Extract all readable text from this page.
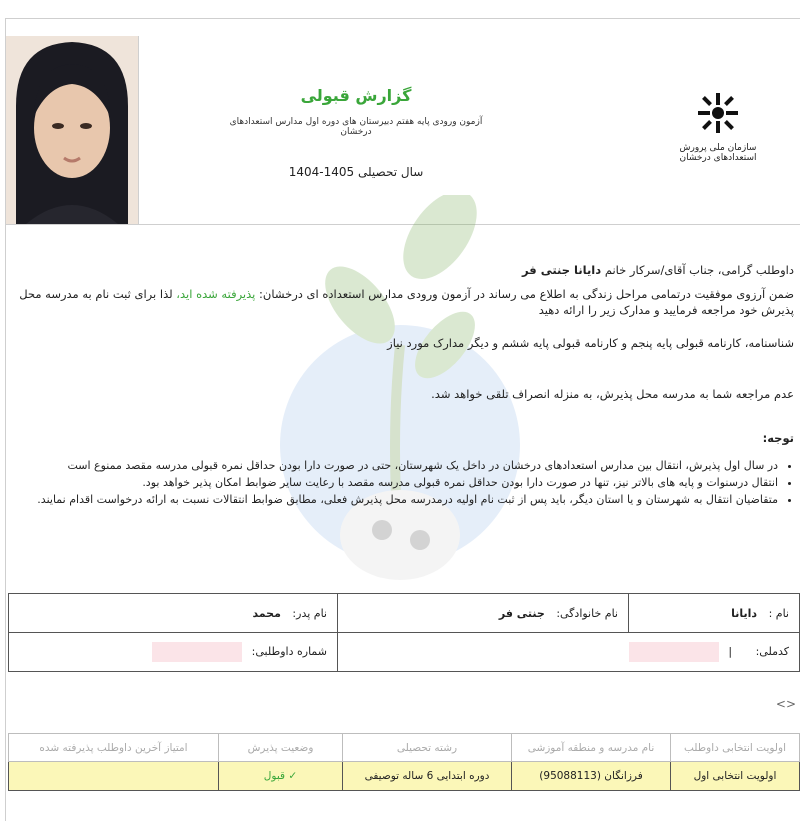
گزارش قبولی
آزمون ورودی پایه هفتم دبیرستان های دوره اول مدارس استعدادهای درخشان
سال تحصیلی 1405-1404
سازمان ملی پرورش استعدادهای درخشان
داوطلب گرامی، جناب آقای/سرکار خانم دایانا جنتی فر
ضمن آرزوی موفقیت درتمامی مراحل زندگی به اطلاع می رساند در آزمون ورودی مدارس استعداده ای درخشان: پذیرفته شده اید، لذا برای ثبت نام به مدرسه محل پذیرش خود مراجعه فرمایید و مدارک زیر را ارائه دهید
شناسنامه، کارنامه قبولی پایه پنجم و کارنامه قبولی پایه ششم و دیگر مدارک مورد نیاز
عدم مراجعه شما به مدرسه محل پذیرش، به منزله انصراف تلقی خواهد شد.
توجه:
• در سال اول پذیرش، انتقال بین مدارس استعدادهای درخشان در داخل یک شهرستان، حتی در صورت دارا بودن حداقل نمره قبولی مدرسه مقصد ممنوع است
• انتقال درسنوات و پایه های بالاتر نیز، تنها در صورت دارا بودن حداقل نمره قبولی مدرسه مقصد با رعایت سایر ضوابط امکان پذیر خواهد بود.
• متقاضیان انتقال به شهرستان و یا استان دیگر، باید پس از ثبت نام اولیه درمدرسه محل پذیرش فعلی، مطابق ضوابط انتقالات نسبت به ارائه درخواست اقدام نمایند.
نام : دایانا	نام خانوادگی: جنتی فر	نام پدر: محمد
کدملی: |		شماره داوطلبی:
<>
اولویت انتخابی داوطلب	نام مدرسه و منطقه آموزشی	رشته تحصیلی	وضعیت پذیرش	امتیاز آخرین داوطلب پذیرفته شده
اولویت انتخابی اول	فرزانگان (95088113)	دوره ابتدایی 6 ساله توصیفی	✓ قبول	
